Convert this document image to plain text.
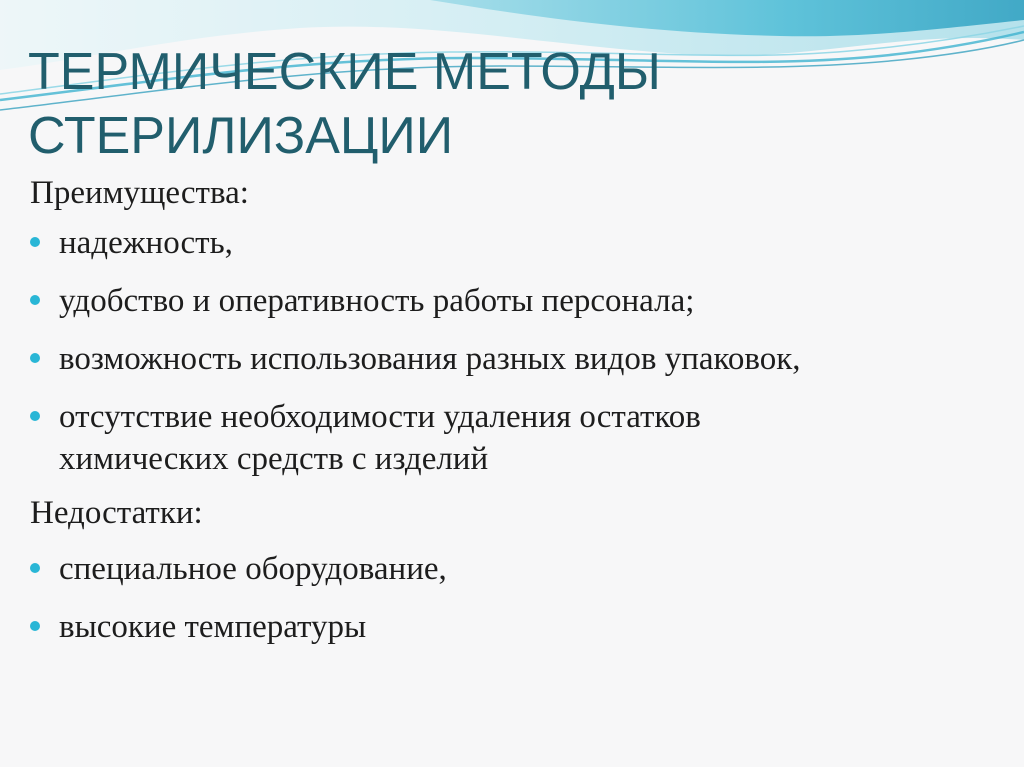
ТЕРМИЧЕСКИЕ МЕТОДЫ
СТЕРИЛИЗАЦИИ

Преимущества:

надежность,
удобство и оперативность работы персонала;
возможность использования разных видов упаковок,
отсутствие необходимости удаления остатков
химических средств с изделий

Недостатки:

специальное оборудование,
высокие температуры
